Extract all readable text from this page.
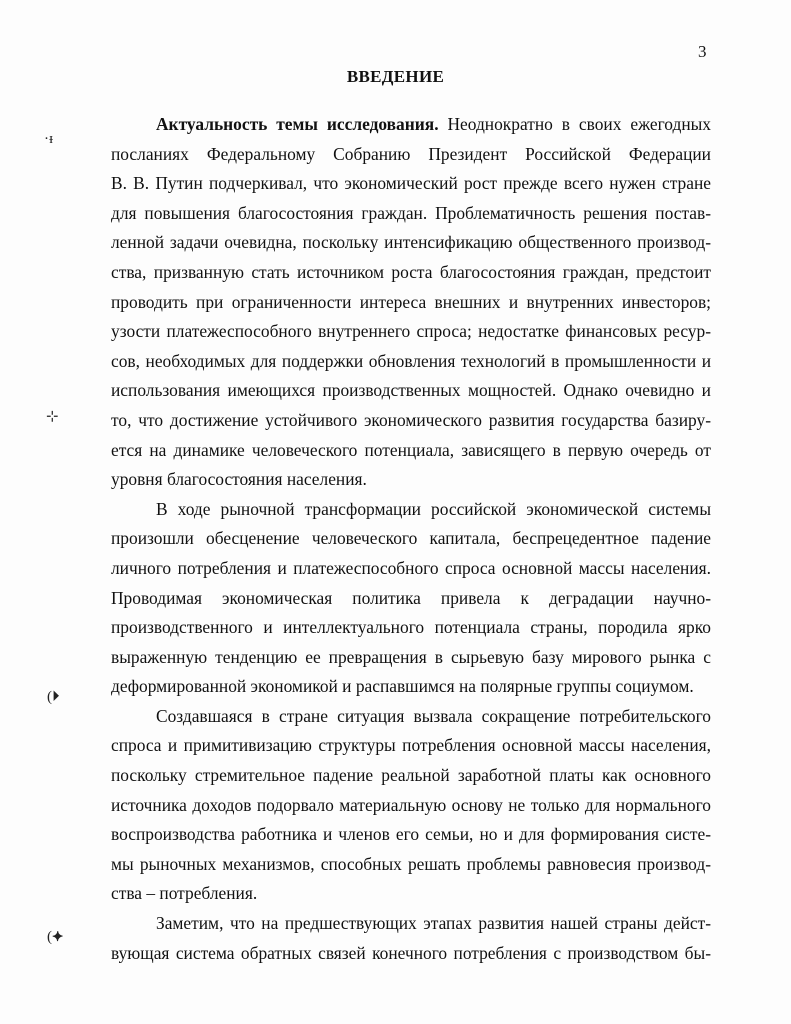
3
ВВЕДЕНИЕ
·ᵻ
⊹
(⏵
(⯌
Актуальность темы исследования. Неоднократно в своих ежегодных
посланиях Федеральному Собранию Президент Российской Федерации
В. В. Путин подчеркивал, что экономический рост прежде всего нужен стране
для повышения благосостояния граждан. Проблематичность решения постав-
ленной задачи очевидна, поскольку интенсификацию общественного производ-
ства, призванную стать источником роста благосостояния граждан, предстоит
проводить при ограниченности интереса внешних и внутренних инвесторов;
узости платежеспособного внутреннего спроса; недостатке финансовых ресур-
сов, необходимых для поддержки обновления технологий в промышленности и
использования имеющихся производственных мощностей. Однако очевидно и
то, что достижение устойчивого экономического развития государства базиру-
ется на динамике человеческого потенциала, зависящего в первую очередь от
уровня благосостояния населения.
В ходе рыночной трансформации российской экономической системы
произошли обесценение человеческого капитала, беспрецедентное падение
личного потребления и платежеспособного спроса основной массы населения.
Проводимая экономическая политика привела к деградации научно-
производственного и интеллектуального потенциала страны, породила ярко
выраженную тенденцию ее превращения в сырьевую базу мирового рынка с
деформированной экономикой и распавшимся на полярные группы социумом.
Создавшаяся в стране ситуация вызвала сокращение потребительского
спроса и примитивизацию структуры потребления основной массы населения,
поскольку стремительное падение реальной заработной платы как основного
источника доходов подорвало материальную основу не только для нормального
воспроизводства работника и членов его семьи, но и для формирования систе-
мы рыночных механизмов, способных решать проблемы равновесия производ-
ства – потребления.
Заметим, что на предшествующих этапах развития нашей страны дейст-
вующая система обратных связей конечного потребления с производством бы-
